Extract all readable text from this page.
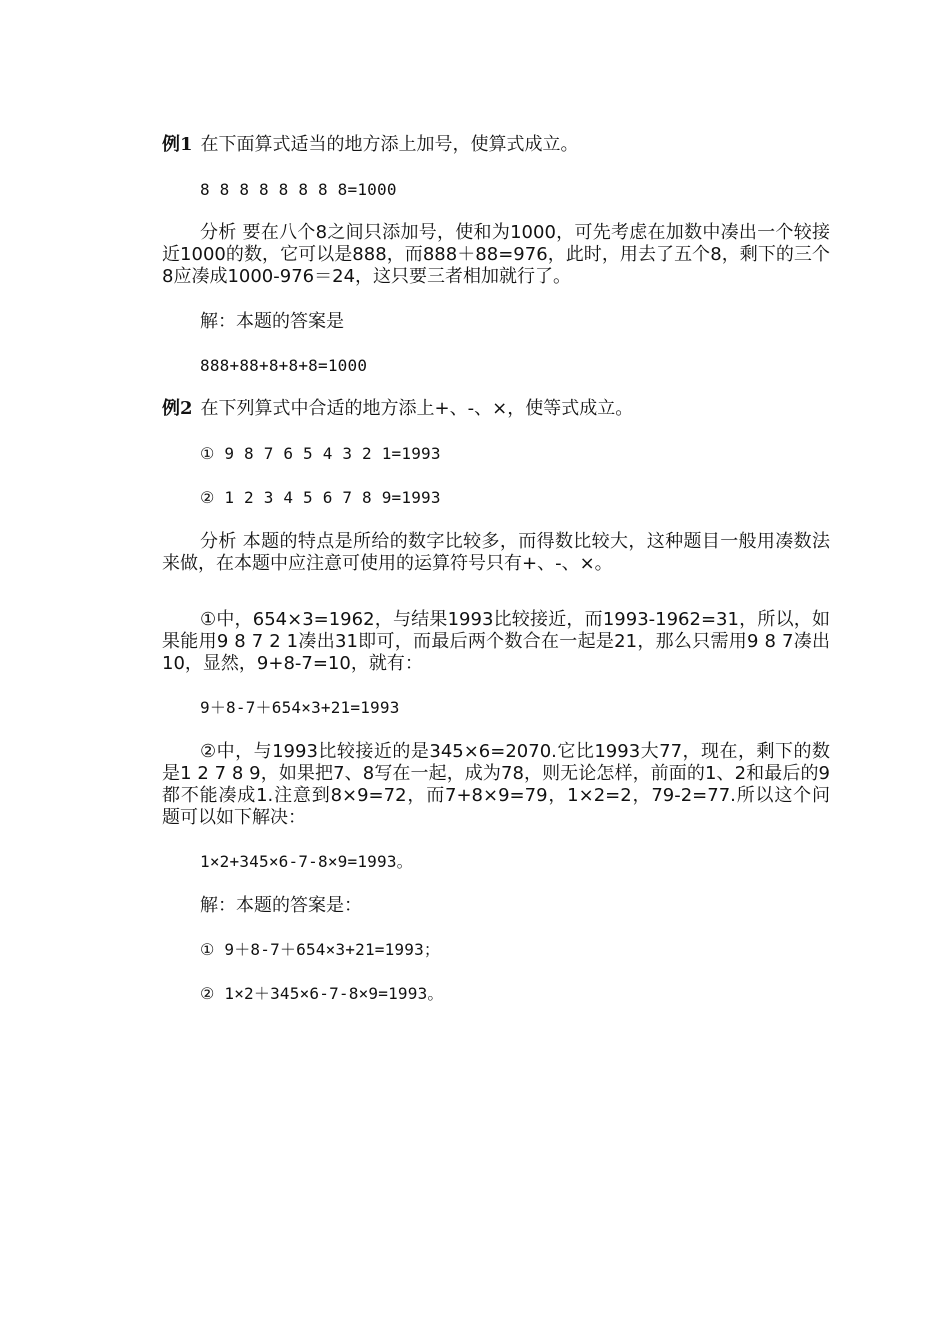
例1 在下面算式适当的地方添上加号，使算式成立。
8 8 8 8 8 8 8 8=1000
分析 要在八个8之间只添加号，使和为1000，可先考虑在加数中凑出一个较接近1000的数，它可以是888，而888＋88=976，此时，用去了五个8，剩下的三个8应凑成1000-976＝24，这只要三者相加就行了。
解：本题的答案是
888+88+8+8+8=1000
例2 在下列算式中合适的地方添上+、-、×，使等式成立。
① 9 8 7 6 5 4 3 2 1=1993
② 1 2 3 4 5 6 7 8 9=1993
分析 本题的特点是所给的数字比较多，而得数比较大，这种题目一般用凑数法来做，在本题中应注意可使用的运算符号只有+、-、×。
①中，654×3=1962，与结果1993比较接近，而1993-1962=31，所以，如果能用9 8 7 2 1凑出31即可，而最后两个数合在一起是21，那么只需用9 8 7凑出10，显然，9+8-7=10，就有：
9＋8-7＋654×3+21=1993
②中，与1993比较接近的是345×6=2070.它比1993大77，现在，剩下的数是1 2 7 8 9，如果把7、8写在一起，成为78，则无论怎样，前面的1、2和最后的9都不能凑成1.注意到8×9=72，而7+8×9=79，1×2=2，79-2=77.所以这个问题可以如下解决：
1×2+345×6-7-8×9=1993。
解：本题的答案是：
① 9＋8-7＋654×3+21=1993；
② 1×2＋345×6-7-8×9=1993。
